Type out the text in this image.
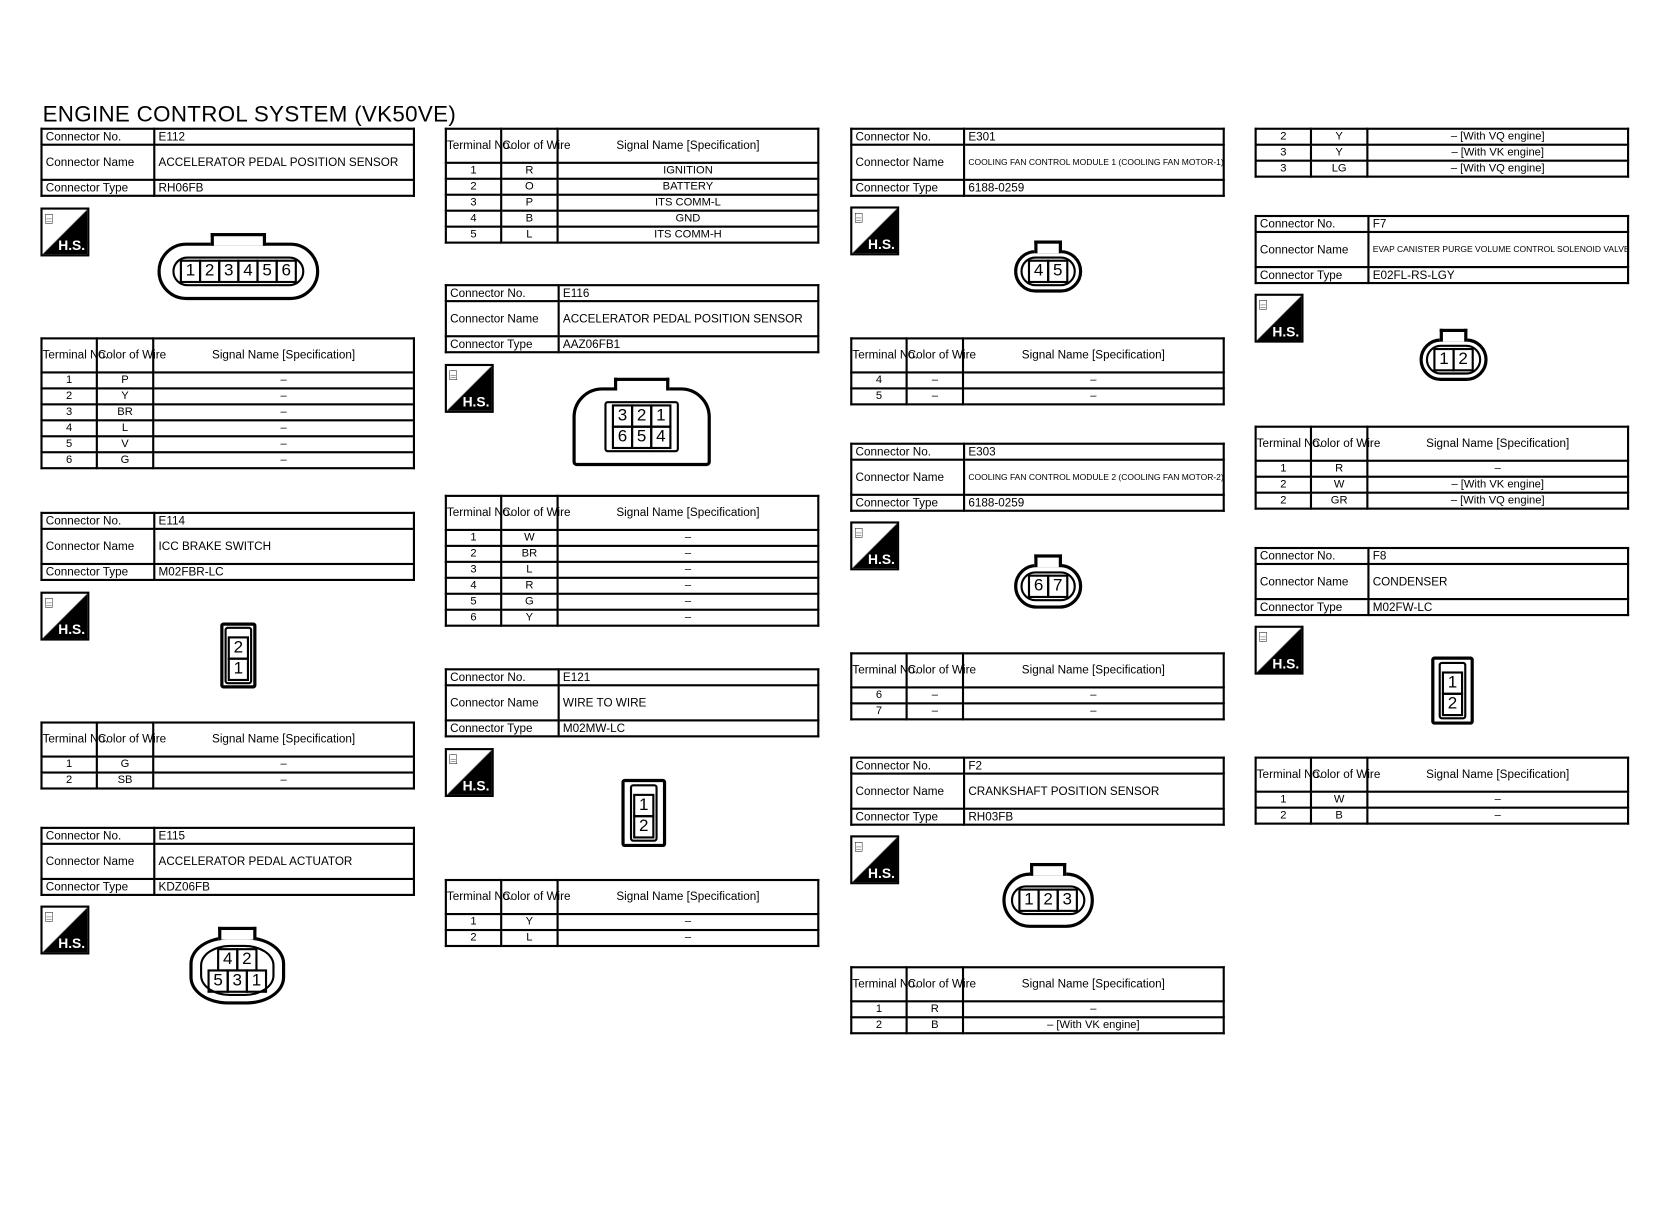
ENGINE CONTROL SYSTEM (VK50VE)
Connector No.	E112
Connector Name	ACCELERATOR PEDAL POSITION SENSOR
Connector Type	RH06FB
⌸
H.S.
1 2 3 4 5 6
Terminal No.	Color of Wire	Signal Name [Specification]
1	P	–
2	Y	–
3	BR	–
4	L	–
5	V	–
6	G	–
Connector No.	E114
Connector Name	ICC BRAKE SWITCH
Connector Type	M02FBR-LC
⌸
H.S.
2
1
Terminal No.	Color of Wire	Signal Name [Specification]
1	G	–
2	SB	–
Connector No.	E115
Connector Name	ACCELERATOR PEDAL ACTUATOR
Connector Type	KDZ06FB
⌸
H.S.
4 2
5 3 1
Terminal No.	Color of Wire	Signal Name [Specification]
1	R	IGNITION
2	O	BATTERY
3	P	ITS COMM-L
4	B	GND
5	L	ITS COMM-H
Connector No.	E116
Connector Name	ACCELERATOR PEDAL POSITION SENSOR
Connector Type	AAZ06FB1
⌸
H.S.
3 2 1
6 5 4
Terminal No.	Color of Wire	Signal Name [Specification]
1	W	–
2	BR	–
3	L	–
4	R	–
5	G	–
6	Y	–
Connector No.	E121
Connector Name	WIRE TO WIRE
Connector Type	M02MW-LC
⌸
H.S.
1
2
Terminal No.	Color of Wire	Signal Name [Specification]
1	Y	–
2	L	–
Connector No.	E301
Connector Name	COOLING FAN CONTROL MODULE 1 (COOLING FAN MOTOR-1)
Connector Type	6188-0259
⌸
H.S.
4 5
Terminal No.	Color of Wire	Signal Name [Specification]
4	–	–
5	–	–
Connector No.	E303
Connector Name	COOLING FAN CONTROL MODULE 2 (COOLING FAN MOTOR-2)
Connector Type	6188-0259
⌸
H.S.
6 7
Terminal No.	Color of Wire	Signal Name [Specification]
6	–	–
7	–	–
Connector No.	F2
Connector Name	CRANKSHAFT POSITION SENSOR
Connector Type	RH03FB
⌸
H.S.
1 2 3
Terminal No.	Color of Wire	Signal Name [Specification]
1	R	–
2	B	– [With VK engine]
2	Y	– [With VQ engine]
3	Y	– [With VK engine]
3	LG	– [With VQ engine]
Connector No.	F7
Connector Name	EVAP CANISTER PURGE VOLUME CONTROL SOLENOID VALVE
Connector Type	E02FL-RS-LGY
⌸
H.S.
1 2
Terminal No.	Color of Wire	Signal Name [Specification]
1	R	–
2	W	– [With VK engine]
2	GR	– [With VQ engine]
Connector No.	F8
Connector Name	CONDENSER
Connector Type	M02FW-LC
⌸
H.S.
1
2
Terminal No.	Color of Wire	Signal Name [Specification]
1	W	–
2	B	–
